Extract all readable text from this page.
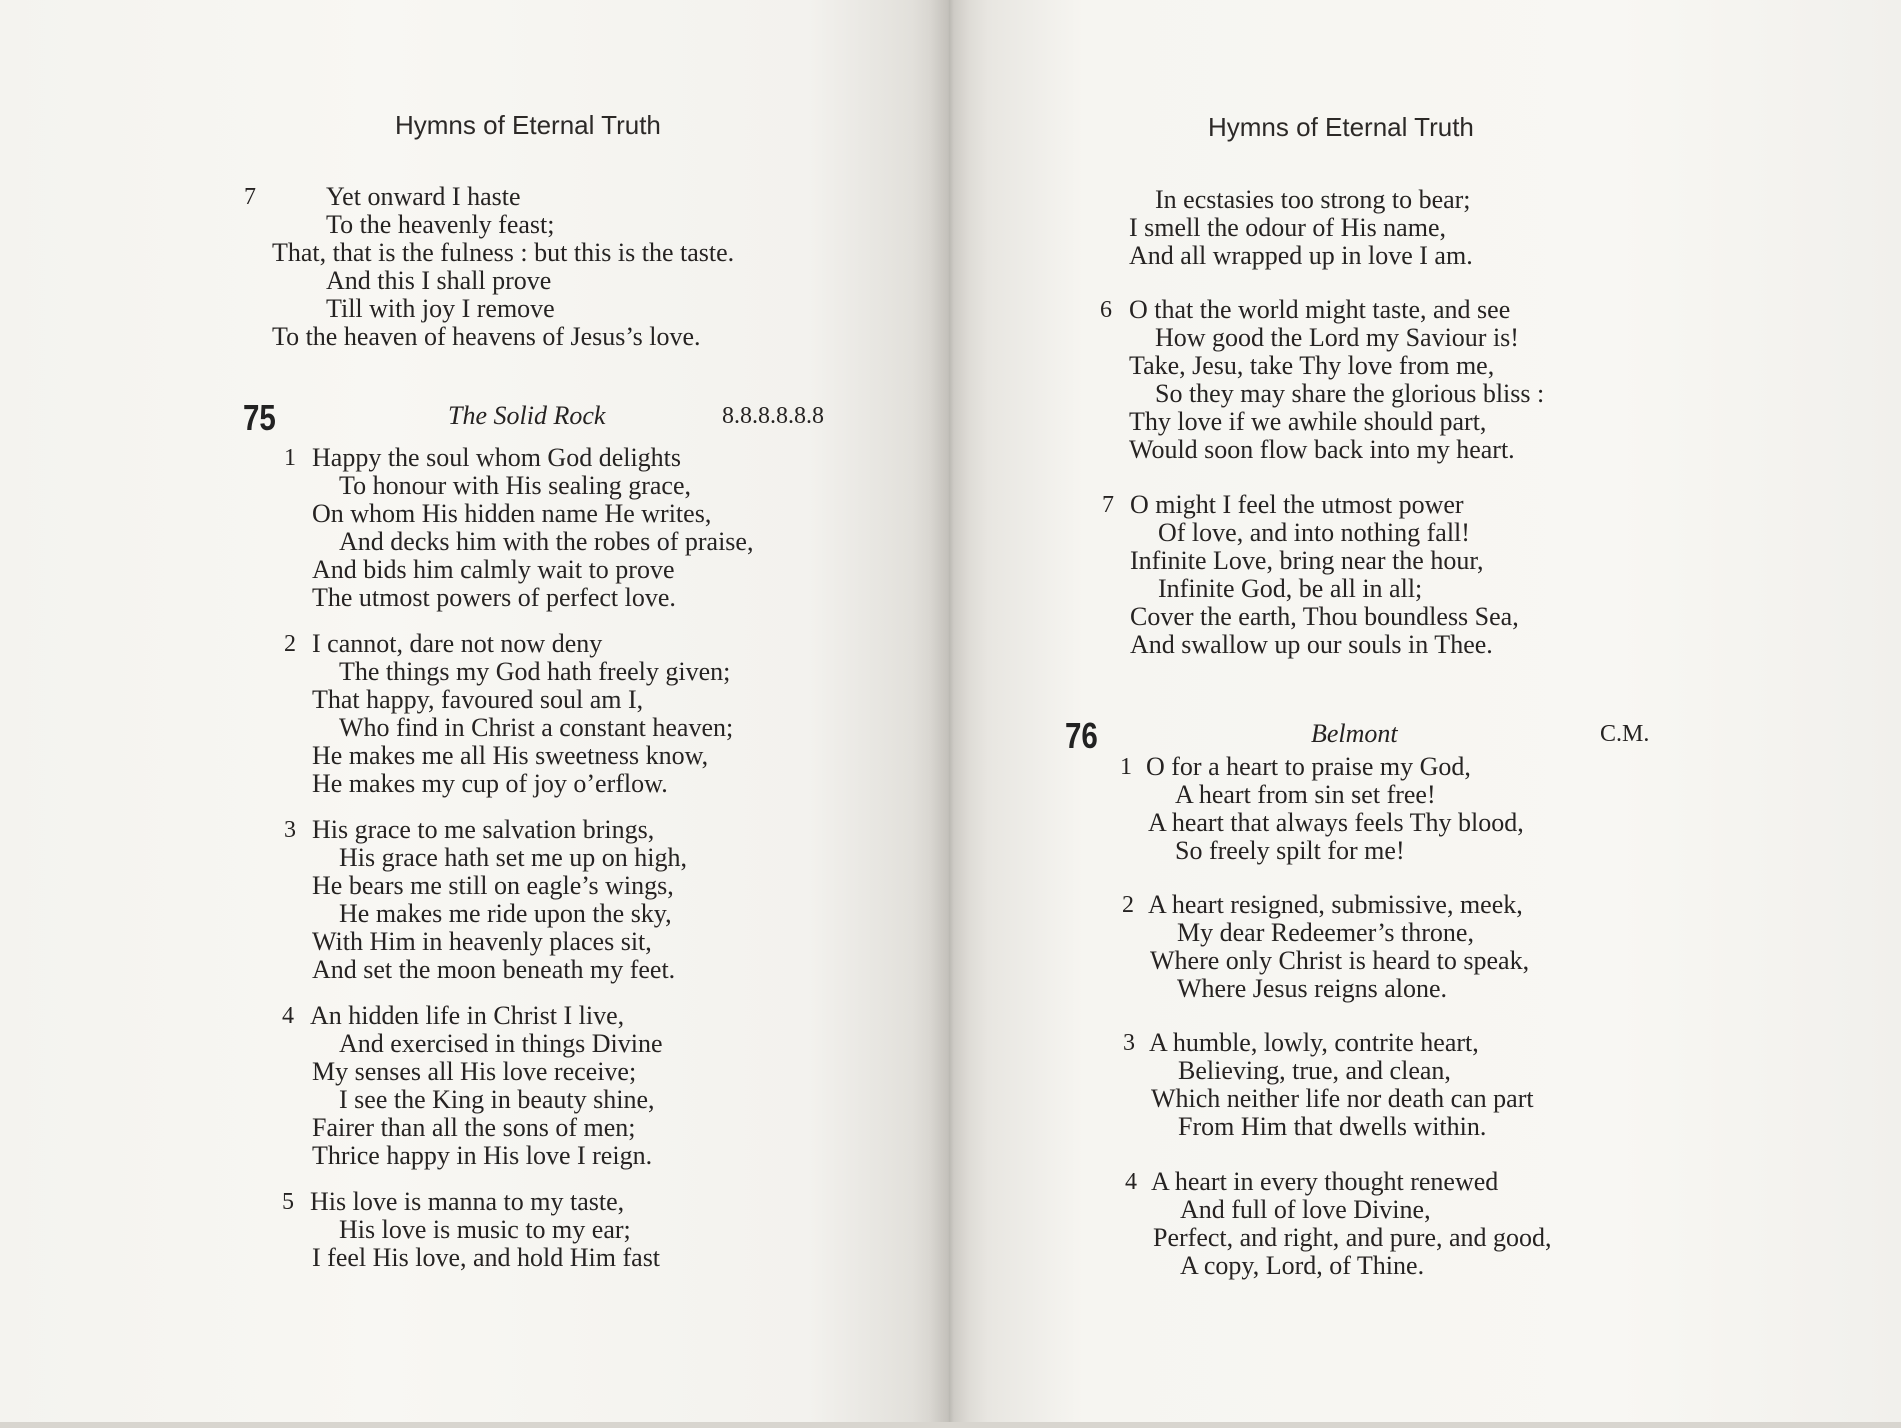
Hymns of Eternal Truth
7	Yet onward I haste
To the heavenly feast;
That, that is the fulness : but this is the taste.
And this I shall prove
Till with joy I remove
To the heaven of heavens of Jesus’s love.
75	The Solid Rock	8.8.8.8.8.8
1 Happy the soul whom God delights
To honour with His sealing grace,
On whom His hidden name He writes,
And decks him with the robes of praise,
And bids him calmly wait to prove
The utmost powers of perfect love.
2 I cannot, dare not now deny
The things my God hath freely given;
That happy, favoured soul am I,
Who find in Christ a constant heaven;
He makes me all His sweetness know,
He makes my cup of joy o’erflow.
3 His grace to me salvation brings,
His grace hath set me up on high,
He bears me still on eagle’s wings,
He makes me ride upon the sky,
With Him in heavenly places sit,
And set the moon beneath my feet.
4 An hidden life in Christ I live,
And exercised in things Divine
My senses all His love receive;
I see the King in beauty shine,
Fairer than all the sons of men;
Thrice happy in His love I reign.
5 His love is manna to my taste,
His love is music to my ear;
I feel His love, and hold Him fast
Hymns of Eternal Truth
In ecstasies too strong to bear;
I smell the odour of His name,
And all wrapped up in love I am.
6 O that the world might taste, and see
How good the Lord my Saviour is!
Take, Jesu, take Thy love from me,
So they may share the glorious bliss :
Thy love if we awhile should part,
Would soon flow back into my heart.
7 O might I feel the utmost power
Of love, and into nothing fall!
Infinite Love, bring near the hour,
Infinite God, be all in all;
Cover the earth, Thou boundless Sea,
And swallow up our souls in Thee.
76	Belmont	C.M.
1 O for a heart to praise my God,
A heart from sin set free!
A heart that always feels Thy blood,
So freely spilt for me!
2 A heart resigned, submissive, meek,
My dear Redeemer’s throne,
Where only Christ is heard to speak,
Where Jesus reigns alone.
3 A humble, lowly, contrite heart,
Believing, true, and clean,
Which neither life nor death can part
From Him that dwells within.
4 A heart in every thought renewed
And full of love Divine,
Perfect, and right, and pure, and good,
A copy, Lord, of Thine.
